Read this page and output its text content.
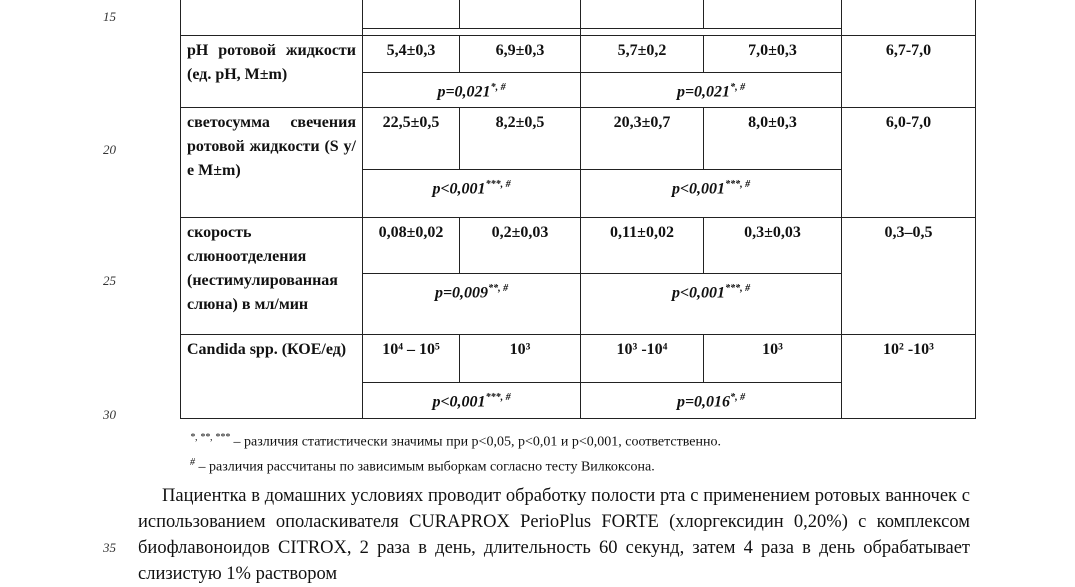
15
20
25
30
35

pH ротовой жидкости (ед. pH, M±m)	5,4±0,3	6,9±0,3	5,7±0,2	7,0±0,3	6,7-7,0
	p=0,021*, #		p=0,021*, #
светосумма свечения ротовой жидкости (S у/е M±m)	22,5±0,5	8,2±0,5	20,3±0,7	8,0±0,3	6,0-7,0
	p<0,001***, #		p<0,001***, #
скорость слюноотделения (нестимулированная слюна) в мл/мин	0,08±0,02	0,2±0,03	0,11±0,02	0,3±0,03	0,3–0,5
	p=0,009**, #		p<0,001***, #
Candida spp. (КОЕ/ед)	10⁴ – 10⁵	10³	10³ -10⁴	10³	10² -10³
	p<0,001***, #		p=0,016*, #
*, **, *** – различия статистически значимы при p<0,05, p<0,01 и p<0,001, соответственно.
# – различия рассчитаны по зависимым выборкам согласно тесту Вилкоксона.

Пациентка в домашних условиях проводит обработку полости рта с применением ротовых ванночек с использованием ополаскивателя CURAPROX PerioPlus FORTE (хлоргексидин 0,20%) с комплексом биофлавоноидов CITROX, 2 раза в день, длительность 60 секунд, затем 4 раза в день обрабатывает слизистую 1% раствором
